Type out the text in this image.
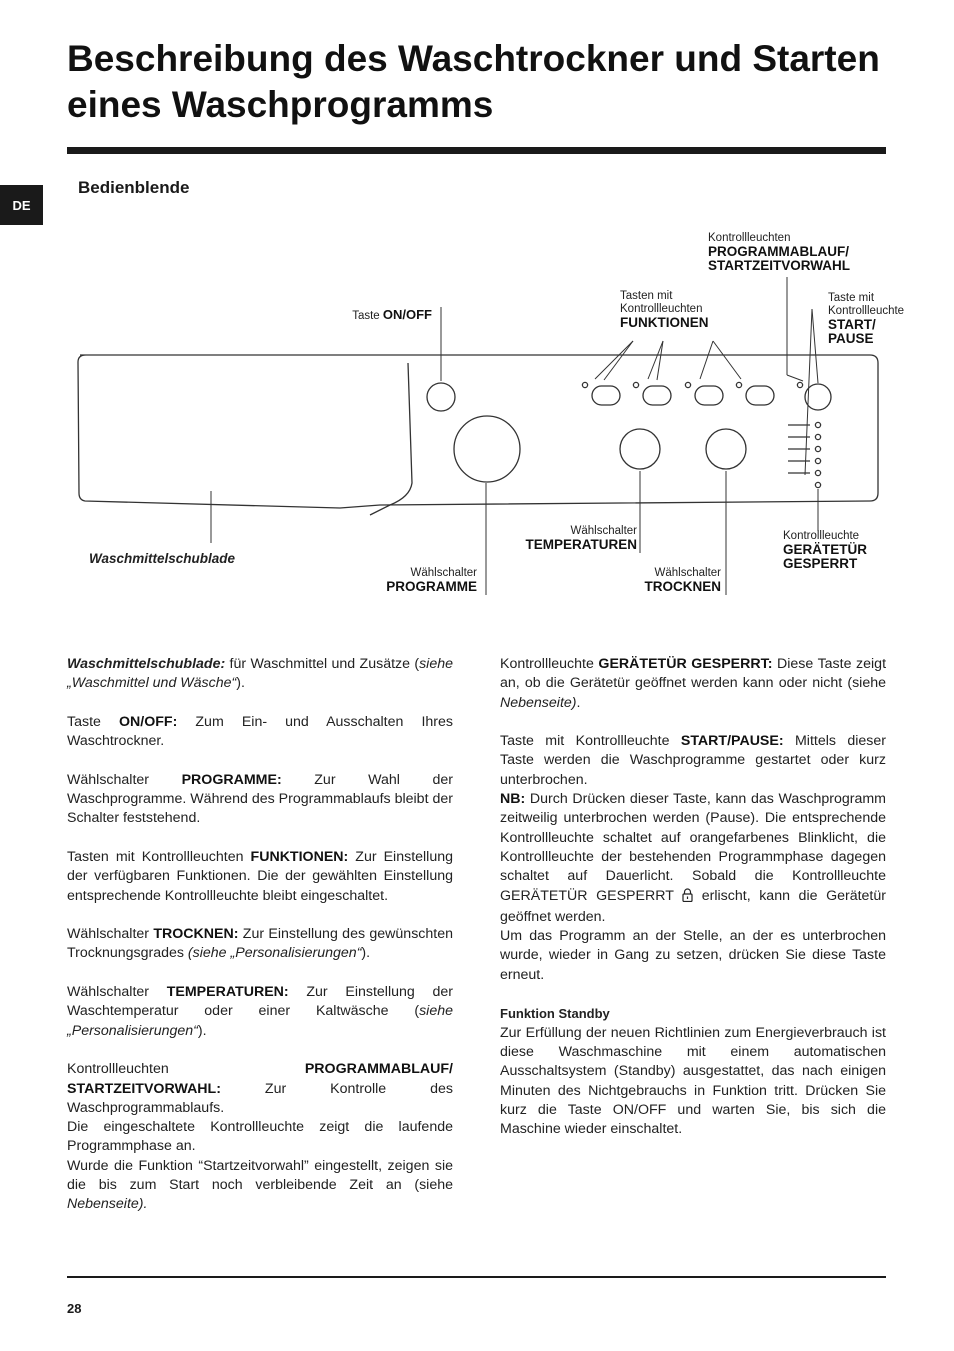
Beschreibung des Waschtrockner und Starten eines Waschprogramms
DE
Bedienblende
Taste ON/OFF
Tasten mit
Kontrollleuchten
FUNKTIONEN
Kontrollleuchten
PROGRAMMABLAUF/
STARTZEITVORWAHL
Taste mit
Kontrollleuchte
START/
PAUSE
Waschmittelschublade
Wählschalter
PROGRAMME
Wählschalter
TEMPERATUREN
Wählschalter
TROCKNEN
Kontrollleuchte
GERÄTETÜR
GESPERRT

Waschmittelschublade: für Waschmittel und Zusätze (siehe „Waschmittel und Wäsche“).

Taste ON/OFF: Zum Ein- und Ausschalten Ihres Waschtrockner.

Wählschalter PROGRAMME: Zur Wahl der Waschprogramme. Während des Programmablaufs bleibt der Schalter feststehend.

Tasten mit Kontrollleuchten FUNKTIONEN: Zur Einstellung der verfügbaren Funktionen. Die der gewählten Einstellung entsprechende Kontrollleuchte bleibt eingeschaltet.

Wählschalter TROCKNEN: Zur Einstellung des gewünschten Trocknungsgrades (siehe „Personalisierungen“).

Wählschalter TEMPERATUREN: Zur Einstellung der Waschtemperatur oder einer Kaltwäsche (siehe „Personalisierungen“).

Kontrollleuchten PROGRAMMABLAUF/ STARTZEITVORWAHL: Zur Kontrolle des Waschprogrammablaufs.

Die eingeschaltete Kontrollleuchte zeigt die laufende Programmphase an.

Wurde die Funktion “Startzeitvorwahl” eingestellt, zeigen sie die bis zum Start noch verbleibende Zeit an (siehe Nebenseite).

Kontrollleuchte GERÄTETÜR GESPERRT: Diese Taste zeigt an, ob die Gerätetür geöffnet werden kann oder nicht (siehe Nebenseite).

Taste mit Kontrollleuchte START/PAUSE: Mittels dieser Taste werden die Waschprogramme gestartet oder kurz unterbrochen.

NB: Durch Drücken dieser Taste, kann das Waschprogramm zeitweilig unterbrochen werden (Pause). Die entsprechende Kontrollleuchte schaltet auf orangefarbenes Blinklicht, die Kontrollleuchte der bestehenden Programmphase dagegen schaltet auf Dauerlicht. Sobald die Kontrollleuchte GERÄTETÜR GESPERRT  erlischt, kann die Gerätetür geöffnet werden.

Um das Programm an der Stelle, an der es unterbrochen wurde, wieder in Gang zu setzen, drücken Sie diese Taste erneut.

Funktion Standby

Zur Erfüllung der neuen Richtlinien zum Energieverbrauch ist diese Waschmaschine mit einem automatischen Ausschaltsystem (Standby) ausgestattet, das nach einigen Minuten des Nichtgebrauchs in Funktion tritt. Drücken Sie kurz die Taste ON/OFF und warten Sie, bis sich die Maschine wieder einschaltet.

28
